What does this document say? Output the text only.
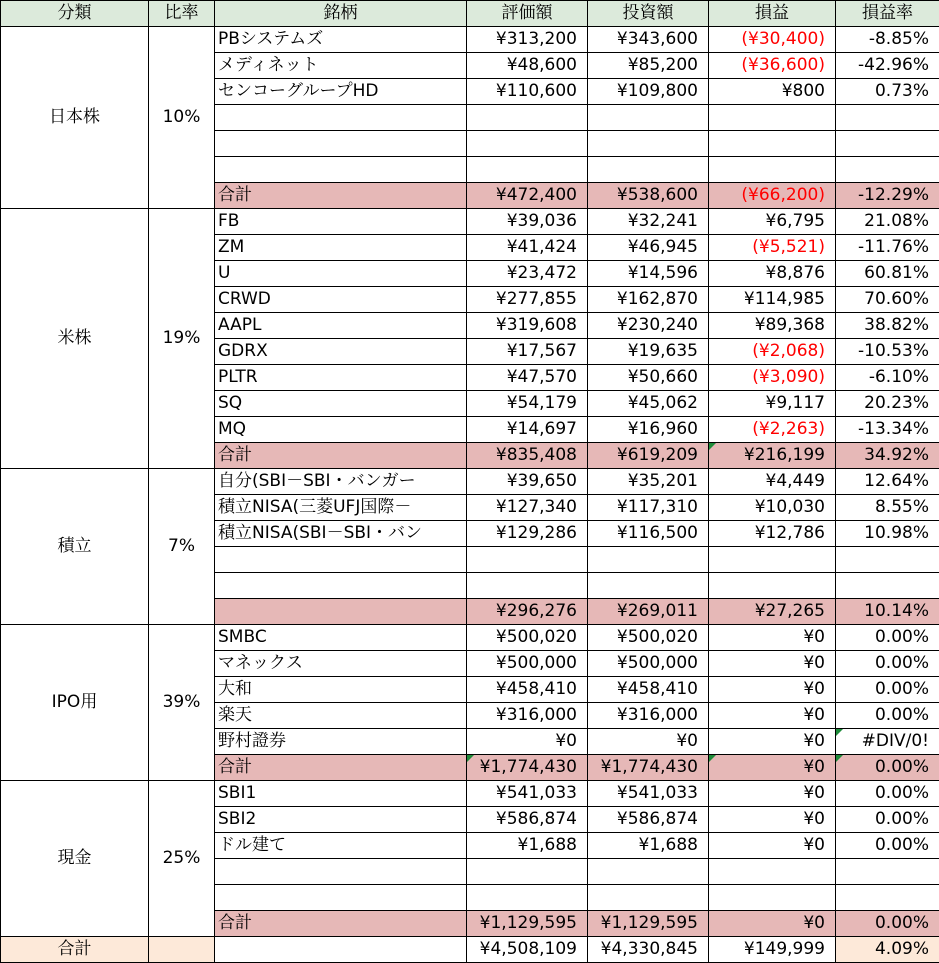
分類	比率	銘柄	評価額	投資額	損益	損益率
日本株	10%	PBシステムズ	¥313,200	¥343,600	(¥30,400)	-8.85%
		メディネット	¥48,600	¥85,200	(¥36,600)	-42.96%
		センコーグループHD	¥110,600	¥109,800	¥800	0.73%

		合計	¥472,400	¥538,600	(¥66,200)	-12.29%
米株	19%	FB	¥39,036	¥32,241	¥6,795	21.08%
		ZM	¥41,424	¥46,945	(¥5,521)	-11.76%
		U	¥23,472	¥14,596	¥8,876	60.81%
		CRWD	¥277,855	¥162,870	¥114,985	70.60%
		AAPL	¥319,608	¥230,240	¥89,368	38.82%
		GDRX	¥17,567	¥19,635	(¥2,068)	-10.53%
		PLTR	¥47,570	¥50,660	(¥3,090)	-6.10%
		SQ	¥54,179	¥45,062	¥9,117	20.23%
		MQ	¥14,697	¥16,960	(¥2,263)	-13.34%
		合計	¥835,408	¥619,209	¥216,199	34.92%
積立	7%	自分(SBI－SBI・バンガー	¥39,650	¥35,201	¥4,449	12.64%
		積立NISA(三菱UFJ国際－	¥127,340	¥117,310	¥10,030	8.55%
		積立NISA(SBI－SBI・バン	¥129,286	¥116,500	¥12,786	10.98%

			¥296,276	¥269,011	¥27,265	10.14%
IPO用	39%	SMBC	¥500,020	¥500,020	¥0	0.00%
		マネックス	¥500,000	¥500,000	¥0	0.00%
		大和	¥458,410	¥458,410	¥0	0.00%
		楽天	¥316,000	¥316,000	¥0	0.00%
		野村證券	¥0	¥0	¥0	#DIV/0!
		合計	¥1,774,430	¥1,774,430	¥0	0.00%
現金	25%	SBI1	¥541,033	¥541,033	¥0	0.00%
		SBI2	¥586,874	¥586,874	¥0	0.00%
		ドル建て	¥1,688	¥1,688	¥0	0.00%

		合計	¥1,129,595	¥1,129,595	¥0	0.00%
合計			¥4,508,109	¥4,330,845	¥149,999	4.09%
